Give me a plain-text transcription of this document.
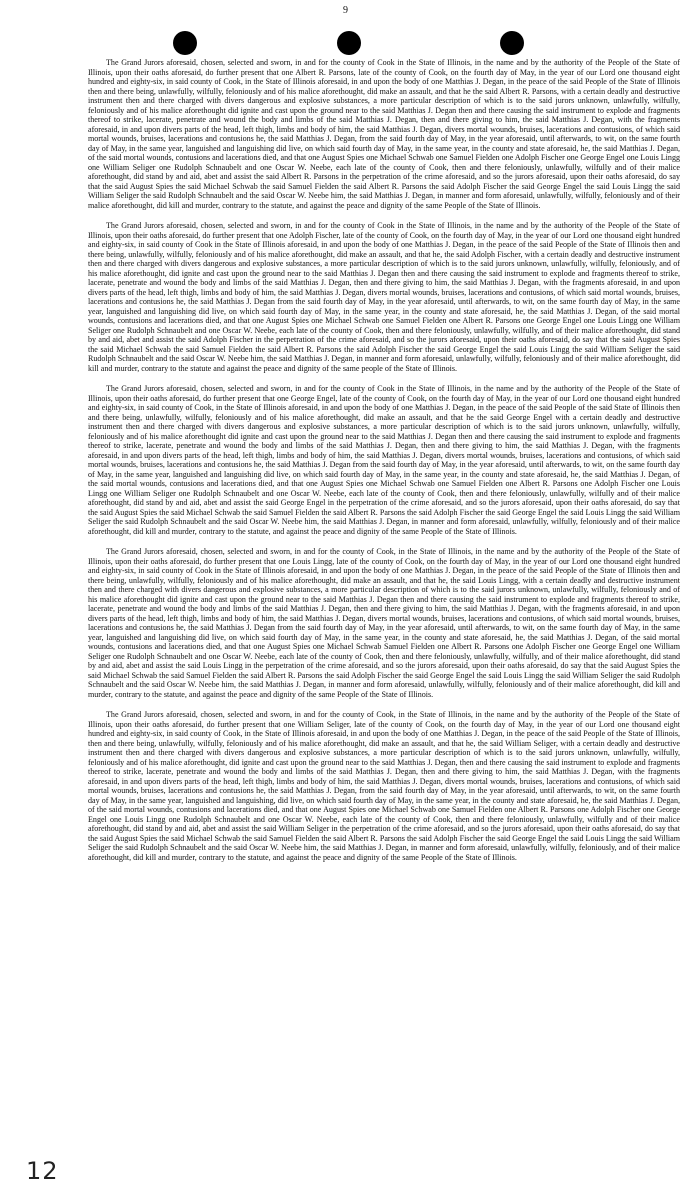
9

The Grand Jurors aforesaid, chosen, selected and sworn, in and for the county of Cook in the State of Illinois, in the name and by the authority of the People of the State of Illinois, upon their oaths aforesaid, do further present that one Albert R. Parsons, late of the county of Cook, on the fourth day of May, in the year of our Lord one thousand eight hundred and eighty-six, in said county of Cook, in the State of Illinois aforesaid, in and upon the body of one Matthias J. Degan, in the peace of the said People of the State of Illinois then and there being, unlawfully, wilfully, feloniously and of his malice aforethought, did make an assault, and that he the said Albert R. Parsons, with a certain deadly and destructive instrument then and there charged with divers dangerous and explosive substances, a more particular description of which is to the said jurors unknown, unlawfully, wilfully, feloniously and of his malice aforethought did ignite and cast upon the ground near to the said Matthias J. Degan then and there causing the said instrument to explode and fragments thereof to strike, lacerate, penetrate and wound the body and limbs of the said Matthias J. Degan, then and there giving to him, the said Matthias J. Degan, with the fragments aforesaid, in and upon divers parts of the head, left thigh, limbs and body of him, the said Matthias J. Degan, divers mortal wounds, bruises, lacerations and contusions, of which said mortal wounds, bruises, lacerations and contusions he, the said Matthias J. Degan, from the said fourth day of May, in the year aforesaid, until afterwards, to wit, on the same fourth day of May, in the same year, languished and languishing did live, on which said fourth day of May, in the same year, in the county and state aforesaid, he, the said Matthias J. Degan, of the said mortal wounds, contusions and lacerations died, and that one August Spies one Michael Schwab one Samuel Fielden one Adolph Fischer one George Engel one Louis Lingg one William Seliger one Rudolph Schnaubelt and one Oscar W. Neebe, each late of the county of Cook, then and there feloniously, unlawfully, wilfully and of their malice aforethought, did stand by and aid, abet and assist the said Albert R. Parsons in the perpetration of the crime aforesaid, and so the jurors aforesaid, upon their oaths aforesaid, do say that the said August Spies the said Michael Schwab the said Samuel Fielden the said Albert R. Parsons the said Adolph Fischer the said George Engel the said Louis Lingg the said William Seliger the said Rudolph Schnaubelt and the said Oscar W. Neebe him, the said Matthias J. Degan, in manner and form aforesaid, unlawfully, wilfully, feloniously and of their malice aforethought, did kill and murder, contrary to the statute, and against the peace and dignity of the same People of the State of Illinois.

The Grand Jurors aforesaid, chosen, selected and sworn, in and for the county of Cook in the State of Illinois, in the name and by the authority of the People of the State of Illinois, upon their oaths aforesaid, do further present that one Adolph Fischer, late of the county of Cook, on the fourth day of May, in the year of our Lord one thousand eight hundred and eighty-six, in said county of Cook in the State of Illinois aforesaid, in and upon the body of one Matthias J. Degan, in the peace of the said People of the State of Illinois then and there being, unlawfully, wilfully, feloniously and of his malice aforethought, did make an assault, and that he, the said Adolph Fischer, with a certain deadly and destructive instrument then and there charged with divers dangerous and explosive substances, a more particular description of which is to the said jurors unknown, unlawfully, wilfully, feloniously, and of his malice aforethought, did ignite and cast upon the ground near to the said Matthias J. Degan then and there causing the said instrument to explode and fragments thereof to strike, lacerate, penetrate and wound the body and limbs of the said Matthias J. Degan, then and there giving to him, the said Matthias J. Degan, with the fragments aforesaid, in and upon divers parts of the head, left thigh, limbs and body of him, the said Matthias J. Degan, divers mortal wounds, bruises, lacerations and contusions, of which said mortal wounds, bruises, lacerations and contusions he, the said Matthias J. Degan from the said fourth day of May, in the year aforesaid, until afterwards, to wit, on the same fourth day of May, in the same year, languished and languishing did live, on which said fourth day of May, in the same year, in the county and state aforesaid, he, the said Matthias J. Degan, of the said mortal wounds, contusions and lacerations died, and that one August Spies one Michael Schwab one Samuel Fielden one Albert R. Parsons one George Engel one Louis Lingg one William Seliger one Rudolph Schnaubelt and one Oscar W. Neebe, each late of the county of Cook, then and there feloniously, unlawfully, wilfully, and of their malice aforethought, did stand by and aid, abet and assist the said Adolph Fischer in the perpetration of the crime aforesaid, and so the jurors aforesaid, upon their oaths aforesaid, do say that the said August Spies the said Michael Schwab the said Samuel Fielden the said Albert R. Parsons the said Adolph Fischer the said George Engel the said Louis Lingg the said William Seliger the said Rudolph Schnaubelt and the said Oscar W. Neebe him, the said Matthias J. Degan, in manner and form aforesaid, unlawfully, wilfully, feloniously and of their malice aforethought, did kill and murder, contrary to the statute and against the peace and dignity of the same people of the State of Illinois.

The Grand Jurors aforesaid, chosen, selected and sworn, in and for the county of Cook in the State of Illinois, in the name and by the authority of the People of the State of Illinois, upon their oaths aforesaid, do further present that one George Engel, late of the county of Cook, on the fourth day of May, in the year of our Lord one thousand eight hundred and eighty-six, in said county of Cook, in the State of Illinois aforesaid, in and upon the body of one Matthias J. Degan, in the peace of the said People of the said State of Illinois then and there being, unlawfully, wilfully, feloniously and of his malice aforethought, did make an assault, and that he the said George Engel with a certain deadly and destructive instrument then and there charged with divers dangerous and explosive substances, a more particular description of which is to the said jurors unknown, unlawfully, wilfully, feloniously and of his malice aforethought did ignite and cast upon the ground near to the said Matthias J. Degan then and there causing the said instrument to explode and fragments thereof to strike, lacerate, penetrate and wound the body and limbs of the said Matthias J. Degan, then and there giving to him, the said Matthias J. Degan, with the fragments aforesaid, in and upon divers parts of the head, left thigh, limbs and body of him, the said Matthias J. Degan, divers mortal wounds, bruises, lacerations and contusions, of which said mortal wounds, bruises, lacerations and contusions he, the said Matthias J. Degan from the said fourth day of May, in the year aforesaid, until afterwards, to wit, on the same fourth day of May, in the same year, languished and languishing did live, on which said fourth day of May, in the same year, in the county and state aforesaid, he, the said Matthias J. Degan, of the said mortal wounds, contusions and lacerations died, and that one August Spies one Michael Schwab one Samuel Fielden one Albert R. Parsons one Adolph Fischer one Louis Lingg one William Seliger one Rudolph Schnaubelt and one Oscar W. Neebe, each late of the county of Cook, then and there feloniously, unlawfully, wilfully and of their malice aforethought, did stand by and aid, abet and assist the said George Engel in the perpetration of the crime aforesaid, and so the jurors aforesaid, upon their oaths aforesaid, do say that the said August Spies the said Michael Schwab the said Samuel Fielden the said Albert R. Parsons the said Adolph Fischer the said George Engel the said Louis Lingg the said William Seliger the said Rudolph Schnaubelt and the said Oscar W. Neebe him, the said Matthias J. Degan, in manner and form aforesaid, unlawfully, wilfully, feloniously and of their malice aforethought, did kill and murder, contrary to the statute, and against the peace and dignity of the same People of the State of Illinois.

The Grand Jurors aforesaid, chosen, selected and sworn, in and for the county of Cook, in the State of Illinois, in the name and by the authority of the People of the State of Illinois, upon their oaths aforesaid, do further present that one Louis Lingg, late of the county of Cook, on the fourth day of May, in the year of our Lord one thousand eight hundred and eighty-six, in said county of Cook in the State of Illinois aforesaid, in and upon the body of one Matthias J. Degan, in the peace of the said People of the State of Illinois then and there being, unlawfully, wilfully, feloniously and of his malice aforethought, did make an assault, and that he, the said Louis Lingg, with a certain deadly and destructive instrument then and there charged with divers dangerous and explosive substances, a more particular description of which is to the said jurors unknown, unlawfully, wilfully, feloniously and of his malice aforethought did ignite and cast upon the ground near to the said Matthias J. Degan then and there causing the said instrument to explode and fragments thereof to strike, lacerate, penetrate and wound the body and limbs of the said Matthias J. Degan, then and there giving to him, the said Matthias J. Degan, with the fragments aforesaid, in and upon divers parts of the head, left thigh, limbs and body of him, the said Matthias J. Degan, divers mortal wounds, bruises, lacerations and contusions, of which said mortal wounds, bruises, lacerations and contusions he, the said Matthias J. Degan from the said fourth day of May, in the year aforesaid, until afterwards, to wit, on the same fourth day of May, in the same year, languished and languishing did live, on which said fourth day of May, in the same year, in the county and state aforesaid, he, the said Matthias J. Degan, of the said mortal wounds, contusions and lacerations died, and that one August Spies one Michael Schwab Samuel Fielden one Albert R. Parsons one Adolph Fischer one George Engel one William Seliger one Rudolph Schnaubelt and one Oscar W. Neebe, each late of the county of Cook, then and there feloniously, unlawfully, wilfully, and of their malice aforethought, did stand by and aid, abet and assist the said Louis Lingg in the perpetration of the crime aforesaid, and so the jurors aforesaid, upon their oaths aforesaid, do say that the said August Spies the said Michael Schwab the said Samuel Fielden the said Albert R. Parsons the said Adolph Fischer the said George Engel the said Louis Lingg the said William Seliger the said Rudolph Schnaubelt and the said Oscar W. Neebe him, the said Matthias J. Degan, in manner and form aforesaid, unlawfully, wilfully, feloniously and of their malice aforethought, did kill and murder, contrary to the statute, and against the peace and dignity of the same People of the State of Illinois.

The Grand Jurors aforesaid, chosen, selected and sworn, in and for the county of Cook, in the State of Illinois, in the name and by the authority of the People of the State of Illinois, upon their oaths aforesaid, do further present that one William Seliger, late of the county of Cook, on the fourth day of May, in the year of our Lord one thousand eight hundred and eighty-six, in said county of Cook, in the State of Illinois aforesaid, in and upon the body of one Matthias J. Degan, in the peace of the said People of the State of Illinois, then and there being, unlawfully, wilfully, feloniously and of his malice aforethought, did make an assault, and that he, the said William Seliger, with a certain deadly and destructive instrument then and there charged with divers dangerous and explosive substances, a more particular description of which is to the said jurors unknown, unlawfully, wilfully, feloniously and of his malice aforethought, did ignite and cast upon the ground near to the said Matthias J. Degan, then and there causing the said instrument to explode and fragments thereof to strike, lacerate, penetrate and wound the body and limbs of the said Matthias J. Degan, then and there giving to him, the said Matthias J. Degan, with the fragments aforesaid, in and upon divers parts of the head, left thigh, limbs and body of him, the said Matthias J. Degan, divers mortal wounds, bruises, lacerations and contusions, of which said mortal wounds, bruises, lacerations and contusions he, the said Matthias J. Degan, from the said fourth day of May, in the year aforesaid, until afterwards, to wit, on the same fourth day of May, in the same year, languished and languishing, did live, on which said fourth day of May, in the same year, in the county and state aforesaid, he, the said Matthias J. Degan, of the said mortal wounds, contusions and lacerations died, and that one August Spies one Michael Schwab one Samuel Fielden one Albert R. Parsons one Adolph Fischer one George Engel one Louis Lingg one Rudolph Schnaubelt and one Oscar W. Neebe, each late of the county of Cook, then and there feloniously, unlawfully, wilfully and of their malice aforethought, did stand by and aid, abet and assist the said William Seliger in the perpetration of the crime aforesaid, and so the jurors aforesaid, upon their oaths aforesaid, do say that the said August Spies the said Michael Schwab the said Samuel Fielden the said Albert R. Parsons the said Adolph Fischer the said George Engel the said Louis Lingg the said William Seliger the said Rudolph Schnaubelt and the said Oscar W. Neebe him, the said Matthias J. Degan, in manner and form aforesaid, unlawfully, wilfully, feloniously, and of their malice aforethought, did kill and murder, contrary to the statute, and against the peace and dignity of the same People of the State of Illinois.

12
